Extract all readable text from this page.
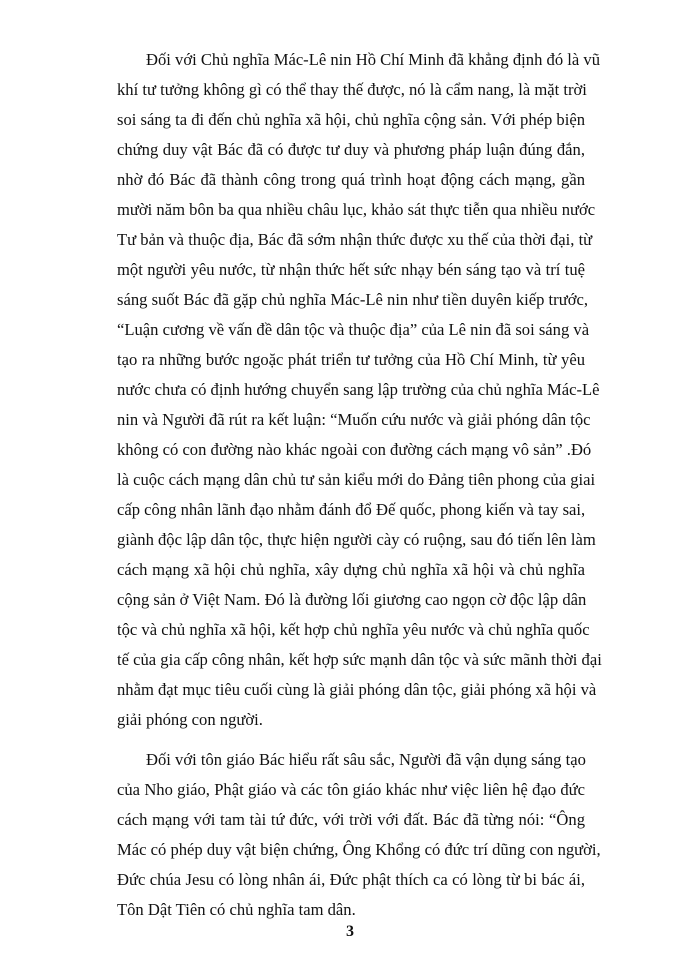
Đối với Chủ nghĩa Mác-Lê nin Hồ Chí Minh đã khẳng định đó là vũ
khí tư tưởng không gì có thể thay thế được, nó là cẩm nang, là mặt trời
soi sáng ta đi đến chủ nghĩa xã hội, chủ nghĩa cộng sản. Với phép biện
chứng duy vật Bác đã có được tư duy và phương pháp luận đúng đắn,
nhờ đó Bác đã thành công trong quá trình hoạt động cách mạng, gần
mười năm bôn ba qua nhiều châu lục, khảo sát thực tiễn qua nhiều nước
Tư bản và thuộc địa, Bác đã sớm nhận thức được xu thế của thời đại, từ
một người yêu nước, từ nhận thức hết sức nhạy bén sáng tạo và trí tuệ
sáng suốt Bác đã gặp chủ nghĩa Mác-Lê nin như tiền duyên kiếp trước,
“Luận cương về vấn đề dân tộc và thuộc địa” của Lê nin đã soi sáng và
tạo ra những bước ngoặc phát triển tư tưởng của Hồ Chí Minh, từ yêu
nước chưa có định hướng chuyển sang lập trường của chủ nghĩa Mác-Lê
nin và Người đã rút ra kết luận: “Muốn cứu nước và giải phóng dân tộc
không có con đường nào khác ngoài con đường cách mạng vô sản” .Đó
là cuộc cách mạng dân chủ tư sản kiểu mới do Đảng tiên phong của giai
cấp công nhân lãnh đạo nhằm đánh đổ Đế quốc, phong kiến và tay sai,
giành độc lập dân tộc, thực hiện người cày có ruộng, sau đó tiến lên làm
cách mạng xã hội chủ nghĩa, xây dựng chủ nghĩa xã hội và chủ nghĩa
cộng sản ở Việt Nam. Đó là đường lối giương cao ngọn cờ độc lập dân
tộc và chủ nghĩa xã hội, kết hợp chủ nghĩa yêu nước và chủ nghĩa quốc
tế của gia cấp công nhân, kết hợp sức mạnh dân tộc và sức mãnh thời đại
nhằm đạt mục tiêu cuối cùng là giải phóng dân tộc, giải phóng xã hội và
giải phóng con người.
Đối với tôn giáo Bác hiểu rất sâu sắc, Người đã vận dụng sáng tạo
của Nho giáo, Phật giáo và các tôn giáo khác như việc liên hệ đạo đức
cách mạng với tam tài tứ đức, với trời với đất. Bác đã từng nói: “Ông
Mác có phép duy vật biện chứng, Ông Khổng có đức trí dũng con người,
Đức chúa Jesu có lòng nhân ái, Đức phật thích ca có lòng từ bi bác ái,
Tôn Dật Tiên có chủ nghĩa tam dân.
3
